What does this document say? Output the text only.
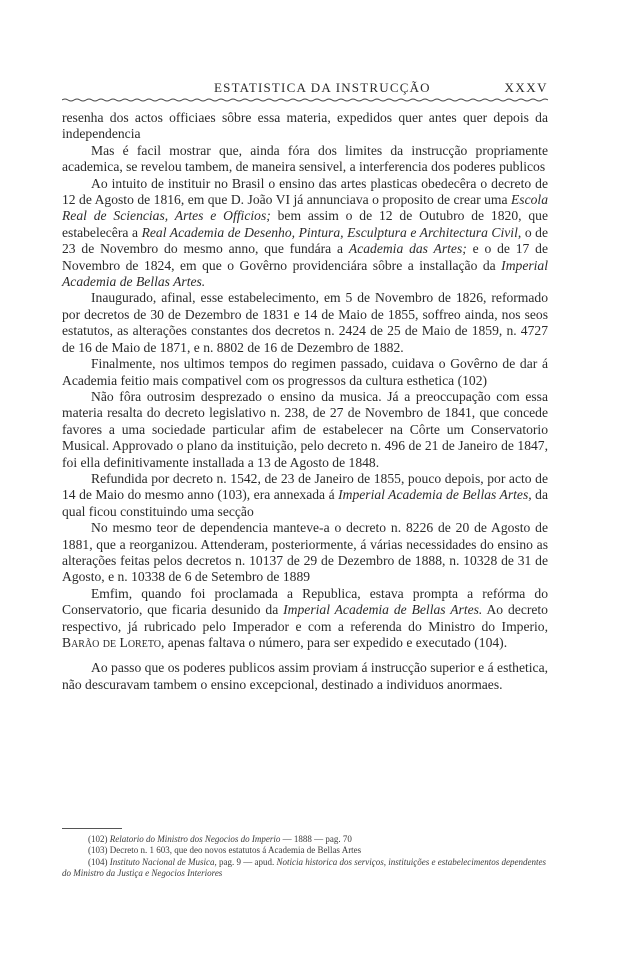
ESTATISTICA DA INSTRUCÇÃO	XXXV

resenha dos actos officiaes sôbre essa materia, expedidos quer antes quer depois da independencia

Mas é facil mostrar que, ainda fóra dos limites da instrucção propriamente academica, se revelou tambem, de maneira sensivel, a interferencia dos poderes publicos

Ao intuito de instituir no Brasil o ensino das artes plasticas obedecêra o decreto de 12 de Agosto de 1816, em que D. João VI já annunciava o proposito de crear uma Escola Real de Sciencias, Artes e Officios; bem assim o de 12 de Outubro de 1820, que estabelecêra a Real Academia de Desenho, Pintura, Esculptura e Architectura Civil, o de 23 de Novembro do mesmo anno, que fundára a Academia das Artes; e o de 17 de Novembro de 1824, em que o Govêrno providenciára sôbre a installação da Imperial Academia de Bellas Artes.

Inaugurado, afinal, esse estabelecimento, em 5 de Novembro de 1826, reformado por decretos de 30 de Dezembro de 1831 e 14 de Maio de 1855, soffreo ainda, nos seos estatutos, as alterações constantes dos decretos n. 2424 de 25 de Maio de 1859, n. 4727 de 16 de Maio de 1871, e n. 8802 de 16 de Dezembro de 1882.

Finalmente, nos ultimos tempos do regimen passado, cuidava o Govêrno de dar á Academia feitio mais compativel com os progressos da cultura esthetica (102)

Não fôra outrosim desprezado o ensino da musica. Já a preoccupação com essa materia resalta do decreto legislativo n. 238, de 27 de Novembro de 1841, que concede favores a uma sociedade particular afim de estabelecer na Côrte um Conservatorio Musical. Approvado o plano da instituição, pelo decreto n. 496 de 21 de Janeiro de 1847, foi ella definitivamente installada a 13 de Agosto de 1848.

Refundida por decreto n. 1542, de 23 de Janeiro de 1855, pouco depois, por acto de 14 de Maio do mesmo anno (103), era annexada á Imperial Academia de Bellas Artes, da qual ficou constituindo uma secção

No mesmo teor de dependencia manteve-a o decreto n. 8226 de 20 de Agosto de 1881, que a reorganizou. Attenderam, posteriormente, á várias necessidades do ensino as alterações feitas pelos decretos n. 10137 de 29 de Dezembro de 1888, n. 10328 de 31 de Agosto, e n. 10338 de 6 de Setembro de 1889

Emfim, quando foi proclamada a Republica, estava prompta a refórma do Conservatorio, que ficaria desunido da Imperial Academia de Bellas Artes. Ao decreto respectivo, já rubricado pelo Imperador e com a referenda do Ministro do Imperio, Barão de Loreto, apenas faltava o número, para ser expedido e executado (104).

Ao passo que os poderes publicos assim proviam á instrucção superior e á esthetica, não descuravam tambem o ensino excepcional, destinado a individuos anormaes.

(102) Relatorio do Ministro dos Negocios do Imperio — 1888 — pag. 70

(103) Decreto n. 1 603, que deo novos estatutos á Academia de Bellas Artes

(104) Instituto Nacional de Musica, pag. 9 — apud. Noticia historica dos serviços, instituições e estabelecimentos dependentes do Ministro da Justiça e Negocios Interiores
